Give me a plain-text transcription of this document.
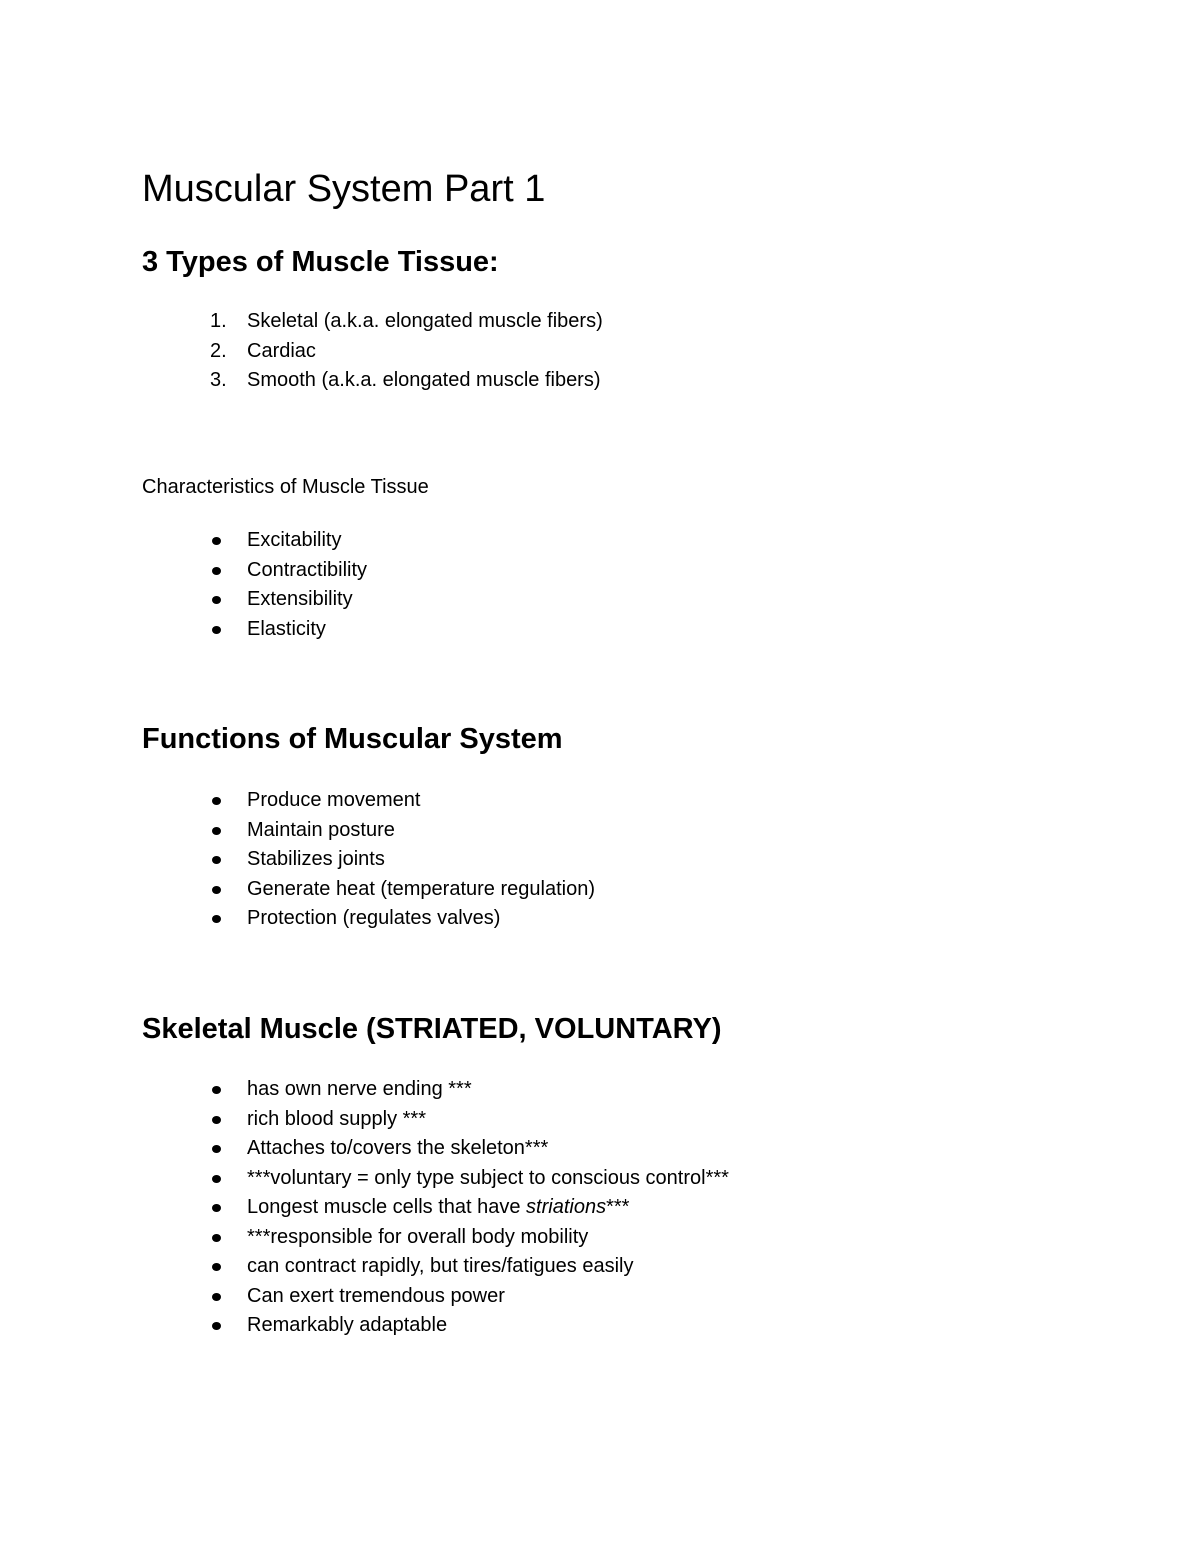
Muscular System Part 1
3 Types of Muscle Tissue:
1.	Skeletal (a.k.a. elongated muscle fibers)
2.	Cardiac
3.	Smooth (a.k.a. elongated muscle fibers)

Characteristics of Muscle Tissue

Excitability
Contractibility
Extensibility
Elasticity
Functions of Muscular System
Produce movement
Maintain posture
Stabilizes joints
Generate heat (temperature regulation)
Protection (regulates valves)
Skeletal Muscle (STRIATED, VOLUNTARY)
has own nerve ending ***
rich blood supply ***
Attaches to/covers the skeleton***
***voluntary = only type subject to conscious control***
Longest muscle cells that have striations***
***responsible for overall body mobility
can contract rapidly, but tires/fatigues easily
Can exert tremendous power
Remarkably adaptable
